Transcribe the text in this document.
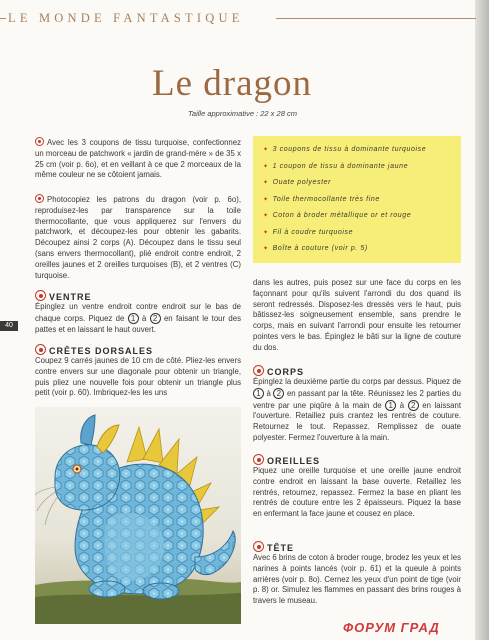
LE MONDE FANTASTIQUE
Le dragon
Taille approximative : 22 x 28 cm
Avec les 3 coupons de tissu turquoise, confectionnez un morceau de patchwork « jardin de grand-mère » de 35 x 25 cm (voir p. 6o), et en veillant à ce que 2 morceaux de la même couleur ne se côtoient jamais.
Photocopiez les patrons du dragon (voir p. 6o), reproduisez-les par transparence sur la toile thermocollante, que vous appliquerez sur l'envers du patchwork, et découpez-les pour obtenir les gabarits. Découpez ainsi 2 corps (A). Découpez dans le tissu seul (sans envers thermocollant), plié endroit contre endroit, 2 oreilles jaunes et 2 oreilles turquoises (B), et 2 ventres (C) turquoise.
VENTRE
Épinglez un ventre endroit contre endroit sur le bas de chaque corps. Piquez de 1 à 2 en faisant le tour des pattes et en laissant le haut ouvert.
CRÊTES DORSALES
Coupez 9 carrés jaunes de 10 cm de côté. Pliez-les envers contre envers sur une diagonale pour obtenir un triangle, puis pliez une nouvelle fois pour obtenir un triangle plus petit (voir p. 60). Imbriquez-les les uns
✦ 3 coupons de tissu à dominante turquoise
✦ 1 coupon de tissu à dominante jaune
✦ Ouate polyester
✦ Toile thermocollante très fine
✦ Coton à broder métallique or et rouge
✦ Fil à coudre turquoise
✦ Boîte à couture (voir p. 5)
dans les autres, puis posez sur une face du corps en les façonnant pour qu'ils suivent l'arrondi du dos quand ils seront redressés. Disposez-les dressés vers le haut, puis bâtissez-les soigneusement ensemble, sans prendre le corps, mais en suivant l'arrondi pour ensuite les retourner pointes vers le bas. Épinglez le bâti sur la ligne de couture du dos.
CORPS
Épinglez la deuxième partie du corps par dessus. Piquez de 1 à 2 en passant par la tête. Réunissez les 2 parties du ventre par une piqûre à la main de 1 à 2 en laissant l'ouverture. Retaillez puis crantez les rentrés de couture. Retournez le tout. Repassez. Remplissez de ouate polyester. Fermez l'ouverture à la main.
OREILLES
Piquez une oreille turquoise et une oreille jaune endroit contre endroit en laissant la base ouverte. Retaillez les rentrés, retournez, repassez. Fermez la base en pliant les rentrés de couture entre les 2 épaisseurs. Piquez la base en enfermant la face jaune et cousez en place.
TÊTE
Avec 6 brins de coton à broder rouge, brodez les yeux et les narines à points lancés (voir p. 61) et la queule à points arrières (voir p. 8o). Cernez les yeux d'un point de tige (voir p. 8) or. Simulez les flammes en passant des brins rouges à travers le museau.
40
ФОРУМ ГРАД
